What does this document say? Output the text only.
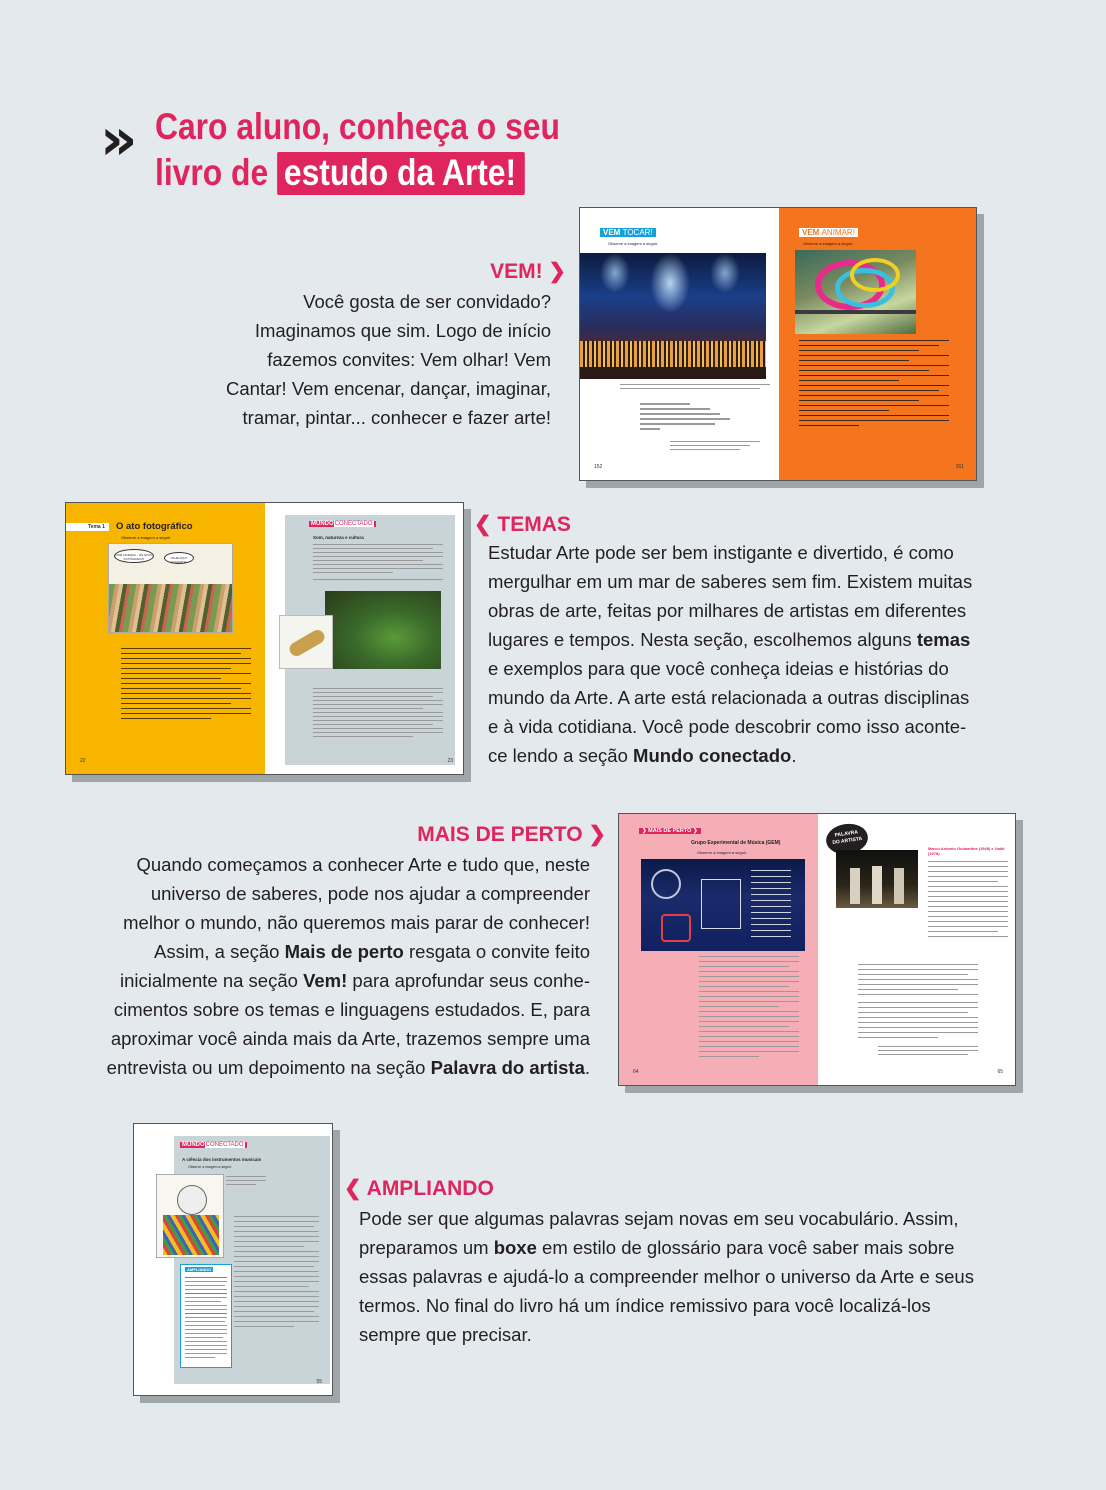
» Caro aluno, conheça o seu
livro de estudo da Arte!
VEM! ❯
Você gosta de ser convidado?
Imaginamos que sim. Logo de início
fazemos convites: Vem olhar! Vem
Cantar! Vem encenar, dançar, imaginar,
tramar, pintar... conhecer e fazer arte!
VEM TOCAR!
Observe a imagem a seguir.
152
VEM ANIMAR!
Observe a imagem a seguir.
161
❮ TEMAS
Estudar Arte pode ser bem instigante e divertido, é como
mergulhar em um mar de saberes sem fim. Existem muitas
obras de arte, feitas por milhares de artistas em diferentes
lugares e tempos. Nesta seção, escolhemos alguns temas
e exemplos para que você conheça ideias e histórias do
mundo da Arte. A arte está relacionada a outras disciplinas
e à vida cotidiana. Você pode descobrir como isso aconte-
ce lendo a seção Mundo conectado.
Tema 1	O ato fotográfico
Observe a imagem a seguir.
COM LICENÇA... ÉS NOVO FOTÓGRAFO?	OLHE AQUI, FUMANTE!
22
MUNDOCONECTADO
Som, natureza e cultura
23
MAIS DE PERTO ❯
Quando começamos a conhecer Arte e tudo que, neste
universo de saberes, pode nos ajudar a compreender
melhor o mundo, não queremos mais parar de conhecer!
Assim, a seção Mais de perto resgata o convite feito
inicialmente na seção Vem! para aprofundar seus conhe-
cimentos sobre os temas e linguagens estudados. E, para
aproximar você ainda mais da Arte, trazemos sempre uma
entrevista ou um depoimento na seção Palavra do artista.
❯ MAIS DE PERTO ❯
Grupo Experimental de Música (GEM)
Observe a imagem a seguir.
64
PALAVRA
DO ARTISTA
Marco Antonio Guimarães (1948) e Uakti (1978)
65
❮ AMPLIANDO
Pode ser que algumas palavras sejam novas em seu vocabulário. Assim,
preparamos um boxe em estilo de glossário para você saber mais sobre
essas palavras e ajudá-lo a compreender melhor o universo da Arte e seus
termos. No final do livro há um índice remissivo para você localizá-los
sempre que precisar.
MUNDOCONECTADO
A ciência dos instrumentos musicais
Observe a imagem a seguir.
AMPLIANDO
55
